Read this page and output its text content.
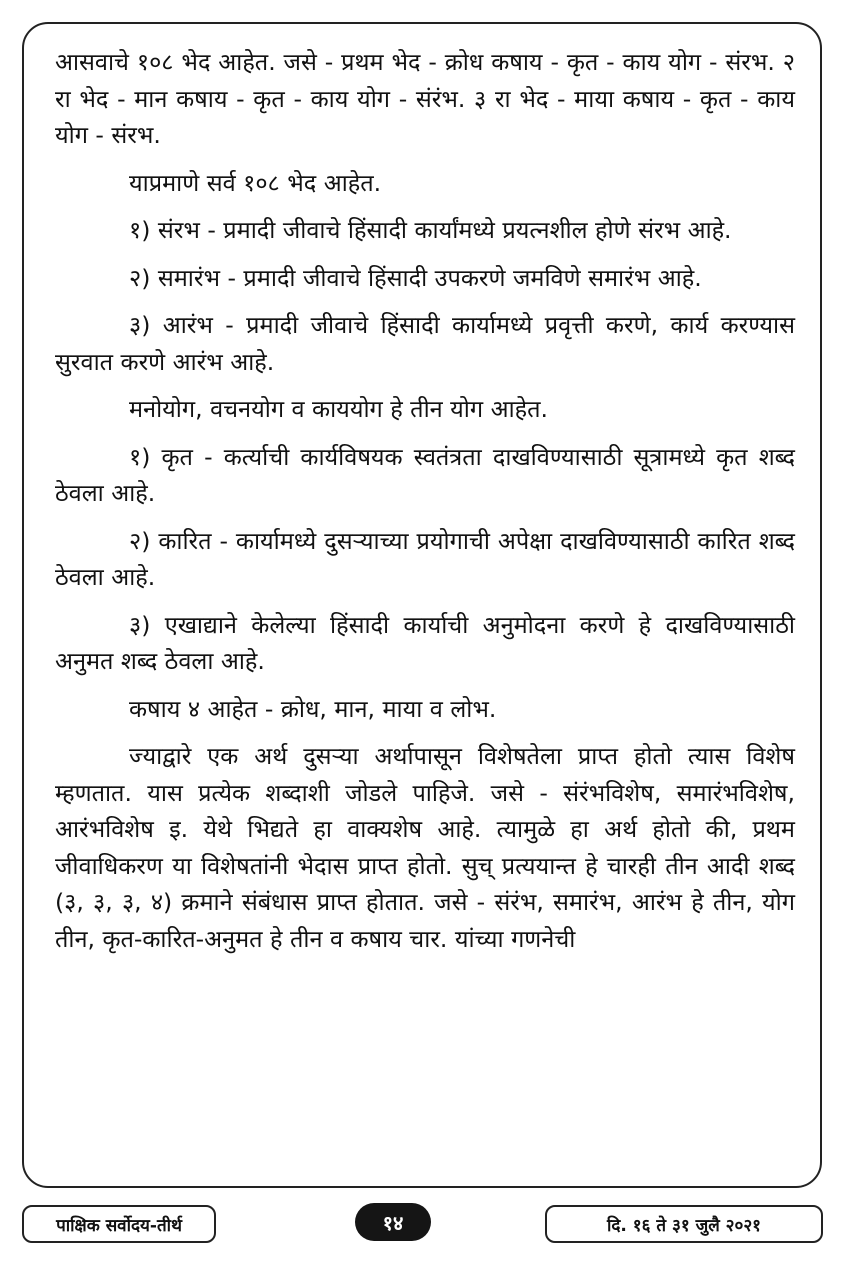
आसवाचे १०८ भेद आहेत. जसे - प्रथम भेद - क्रोध कषाय - कृत - काय योग - संरभ. २ रा भेद - मान कषाय - कृत - काय योग - संरंभ. ३ रा भेद - माया कषाय - कृत - काय योग - संरभ.

याप्रमाणे सर्व १०८ भेद आहेत.

१) संरभ - प्रमादी जीवाचे हिंसादी कार्यांमध्ये प्रयत्नशील होणे संरभ आहे.

२) समारंभ - प्रमादी जीवाचे हिंसादी उपकरणे जमविणे समारंभ आहे.

३) आरंभ - प्रमादी जीवाचे हिंसादी कार्यामध्ये प्रवृत्ती करणे, कार्य करण्यास सुरवात करणे आरंभ आहे.

मनोयोग, वचनयोग व काययोग हे तीन योग आहेत.

१) कृत - कर्त्याची कार्यविषयक स्वतंत्रता दाखविण्यासाठी सूत्रामध्ये कृत शब्द ठेवला आहे.

२) कारित - कार्यामध्ये दुसऱ्याच्या प्रयोगाची अपेक्षा दाखविण्यासाठी कारित शब्द ठेवला आहे.

३) एखाद्याने केलेल्या हिंसादी कार्याची अनुमोदना करणे हे दाखविण्यासाठी अनुमत शब्द ठेवला आहे.

कषाय ४ आहेत - क्रोध, मान, माया व लोभ.

ज्याद्वारे एक अर्थ दुसऱ्या अर्थापासून विशेषतेला प्राप्त होतो त्यास विशेष म्हणतात. यास प्रत्येक शब्दाशी जोडले पाहिजे. जसे - संरंभविशेष, समारंभविशेष, आरंभविशेष इ. येथे भिद्यते हा वाक्यशेष आहे. त्यामुळे हा अर्थ होतो की, प्रथम जीवाधिकरण या विशेषतांनी भेदास प्राप्त होतो. सुच् प्रत्ययान्त हे चारही तीन आदी शब्द (३, ३, ३, ४) क्रमाने संबंधास प्राप्त होतात. जसे - संरंभ, समारंभ, आरंभ हे तीन, योग तीन, कृत-कारित-अनुमत हे तीन व कषाय चार. यांच्या गणनेची

पाक्षिक सर्वोदय-तीर्थ	१४	दि. १६ ते ३१ जुलै २०२१
